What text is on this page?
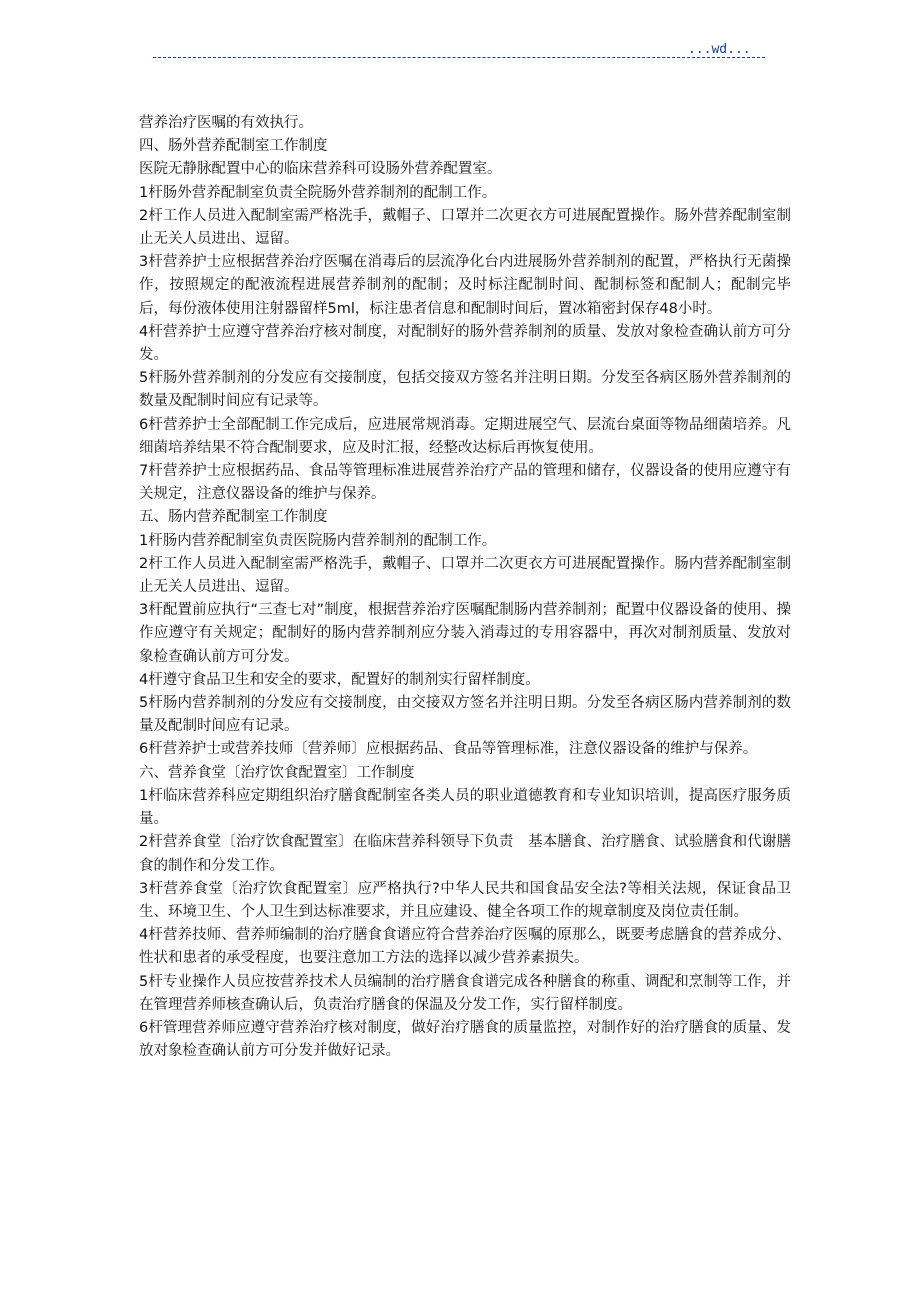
...wd...

营养治疗医嘱的有效执行。

四、肠外营养配制室工作制度

医院无静脉配置中心的临床营养科可设肠外营养配置室。

1杆肠外营养配制室负责全院肠外营养制剂的配制工作。

2杆工作人员进入配制室需严格洗手，戴帽子、口罩并二次更衣方可进展配置操作。肠外营养配制室制止无关人员进出、逗留。

3杆营养护士应根据营养治疗医嘱在消毒后的层流净化台内进展肠外营养制剂的配置，严格执行无菌操作，按照规定的配液流程进展营养制剂的配制；及时标注配制时间、配制标签和配制人；配制完毕后，每份液体使用注射器留样5ml，标注患者信息和配制时间后，置冰箱密封保存48小时。

4杆营养护士应遵守营养治疗核对制度，对配制好的肠外营养制剂的质量、发放对象检查确认前方可分发。

5杆肠外营养制剂的分发应有交接制度，包括交接双方签名并注明日期。分发至各病区肠外营养制剂的数量及配制时间应有记录等。

6杆营养护士全部配制工作完成后，应进展常规消毒。定期进展空气、层流台桌面等物品细菌培养。凡细菌培养结果不符合配制要求，应及时汇报，经整改达标后再恢复使用。

7杆营养护士应根据药品、食品等管理标准进展营养治疗产品的管理和储存，仪器设备的使用应遵守有关规定，注意仪器设备的维护与保养。

五、肠内营养配制室工作制度

1杆肠内营养配制室负责医院肠内营养制剂的配制工作。

2杆工作人员进入配制室需严格洗手，戴帽子、口罩并二次更衣方可进展配置操作。肠内营养配制室制止无关人员进出、逗留。

3杆配置前应执行“三查七对”制度，根据营养治疗医嘱配制肠内营养制剂；配置中仪器设备的使用、操作应遵守有关规定；配制好的肠内营养制剂应分装入消毒过的专用容器中，再次对制剂质量、发放对象检查确认前方可分发。

4杆遵守食品卫生和安全的要求，配置好的制剂实行留样制度。

5杆肠内营养制剂的分发应有交接制度，由交接双方签名并注明日期。分发至各病区肠内营养制剂的数量及配制时间应有记录。

6杆营养护士或营养技师〔营养师〕应根据药品、食品等管理标准，注意仪器设备的维护与保养。

六、营养食堂〔治疗饮食配置室〕工作制度

1杆临床营养科应定期组织治疗膳食配制室各类人员的职业道德教育和专业知识培训，提高医疗服务质量。

2杆营养食堂〔治疗饮食配置室〕在临床营养科领导下负责　基本膳食、治疗膳食、试验膳食和代谢膳食的制作和分发工作。

3杆营养食堂〔治疗饮食配置室〕应严格执行?中华人民共和国食品安全法?等相关法规，保证食品卫生、环境卫生、个人卫生到达标准要求，并且应建设、健全各项工作的规章制度及岗位责任制。

4杆营养技师、营养师编制的治疗膳食食谱应符合营养治疗医嘱的原那么，既要考虑膳食的营养成分、性状和患者的承受程度，也要注意加工方法的选择以减少营养素损失。

5杆专业操作人员应按营养技术人员编制的治疗膳食食谱完成各种膳食的称重、调配和烹制等工作，并在管理营养师核查确认后，负责治疗膳食的保温及分发工作，实行留样制度。

6杆管理营养师应遵守营养治疗核对制度，做好治疗膳食的质量监控，对制作好的治疗膳食的质量、发放对象检查确认前方可分发并做好记录。
